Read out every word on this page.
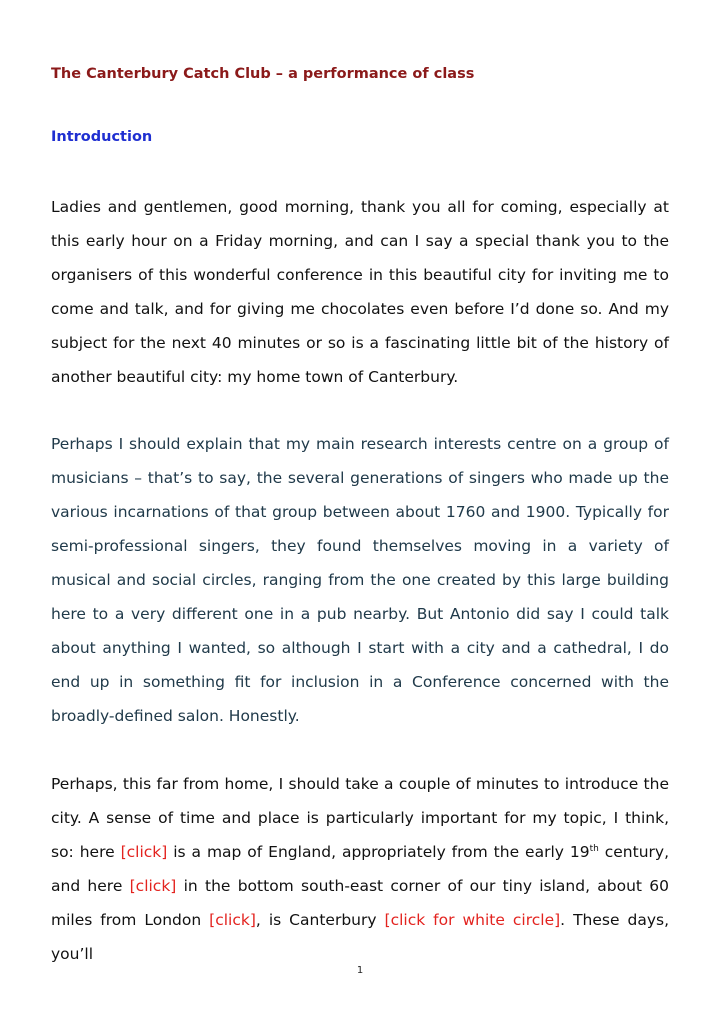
The Canterbury Catch Club – a performance of class
Introduction

Ladies and gentlemen, good morning, thank you all for coming, especially at this early hour on a Friday morning, and can I say a special thank you to the organisers of this wonderful conference in this beautiful city for inviting me to come and talk, and for giving me chocolates even before I’d done so. And my subject for the next 40 minutes or so is a fascinating little bit of the history of another beautiful city: my home town of Canterbury.

Perhaps I should explain that my main research interests centre on a group of musicians – that’s to say, the several generations of singers who made up the various incarnations of that group between about 1760 and 1900. Typically for semi-professional singers, they found themselves moving in a variety of musical and social circles, ranging from the one created by this large building here to a very different one in a pub nearby. But Antonio did say I could talk about anything I wanted, so although I start with a city and a cathedral, I do end up in something fit for inclusion in a Conference concerned with the broadly-defined salon. Honestly.

Perhaps, this far from home, I should take a couple of minutes to introduce the city. A sense of time and place is particularly important for my topic, I think, so: here [click] is a map of England, appropriately from the early 19th century, and here [click] in the bottom south-east corner of our tiny island, about 60 miles from London [click], is Canterbury [click for white circle]. These days, you’ll

1
